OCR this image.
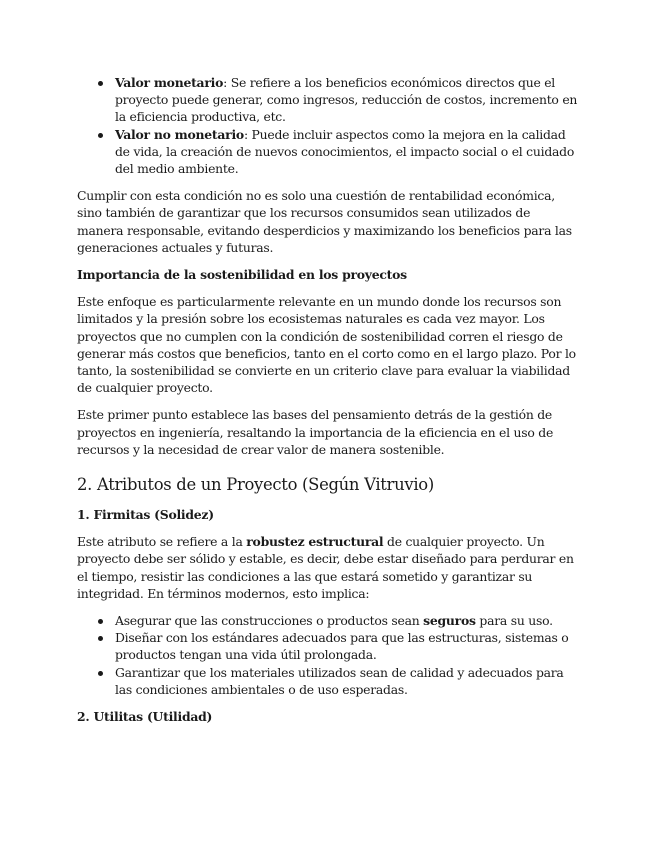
Valor monetario: Se refiere a los beneficios económicos directos que el proyecto puede generar, como ingresos, reducción de costos, incremento en la eficiencia productiva, etc.
Valor no monetario: Puede incluir aspectos como la mejora en la calidad de vida, la creación de nuevos conocimientos, el impacto social o el cuidado del medio ambiente.

Cumplir con esta condición no es solo una cuestión de rentabilidad económica, sino también de garantizar que los recursos consumidos sean utilizados de manera responsable, evitando desperdicios y maximizando los beneficios para las generaciones actuales y futuras.

Importancia de la sostenibilidad en los proyectos

Este enfoque es particularmente relevante en un mundo donde los recursos son limitados y la presión sobre los ecosistemas naturales es cada vez mayor. Los proyectos que no cumplen con la condición de sostenibilidad corren el riesgo de generar más costos que beneficios, tanto en el corto como en el largo plazo. Por lo tanto, la sostenibilidad se convierte en un criterio clave para evaluar la viabilidad de cualquier proyecto.

Este primer punto establece las bases del pensamiento detrás de la gestión de proyectos en ingeniería, resaltando la importancia de la eficiencia en el uso de recursos y la necesidad de crear valor de manera sostenible.

2. Atributos de un Proyecto (Según Vitruvio)
1. Firmitas (Solidez)

Este atributo se refiere a la robustez estructural de cualquier proyecto. Un proyecto debe ser sólido y estable, es decir, debe estar diseñado para perdurar en el tiempo, resistir las condiciones a las que estará sometido y garantizar su integridad. En términos modernos, esto implica:

Asegurar que las construcciones o productos sean seguros para su uso.
Diseñar con los estándares adecuados para que las estructuras, sistemas o productos tengan una vida útil prolongada.
Garantizar que los materiales utilizados sean de calidad y adecuados para las condiciones ambientales o de uso esperadas.
2. Utilitas (Utilidad)
